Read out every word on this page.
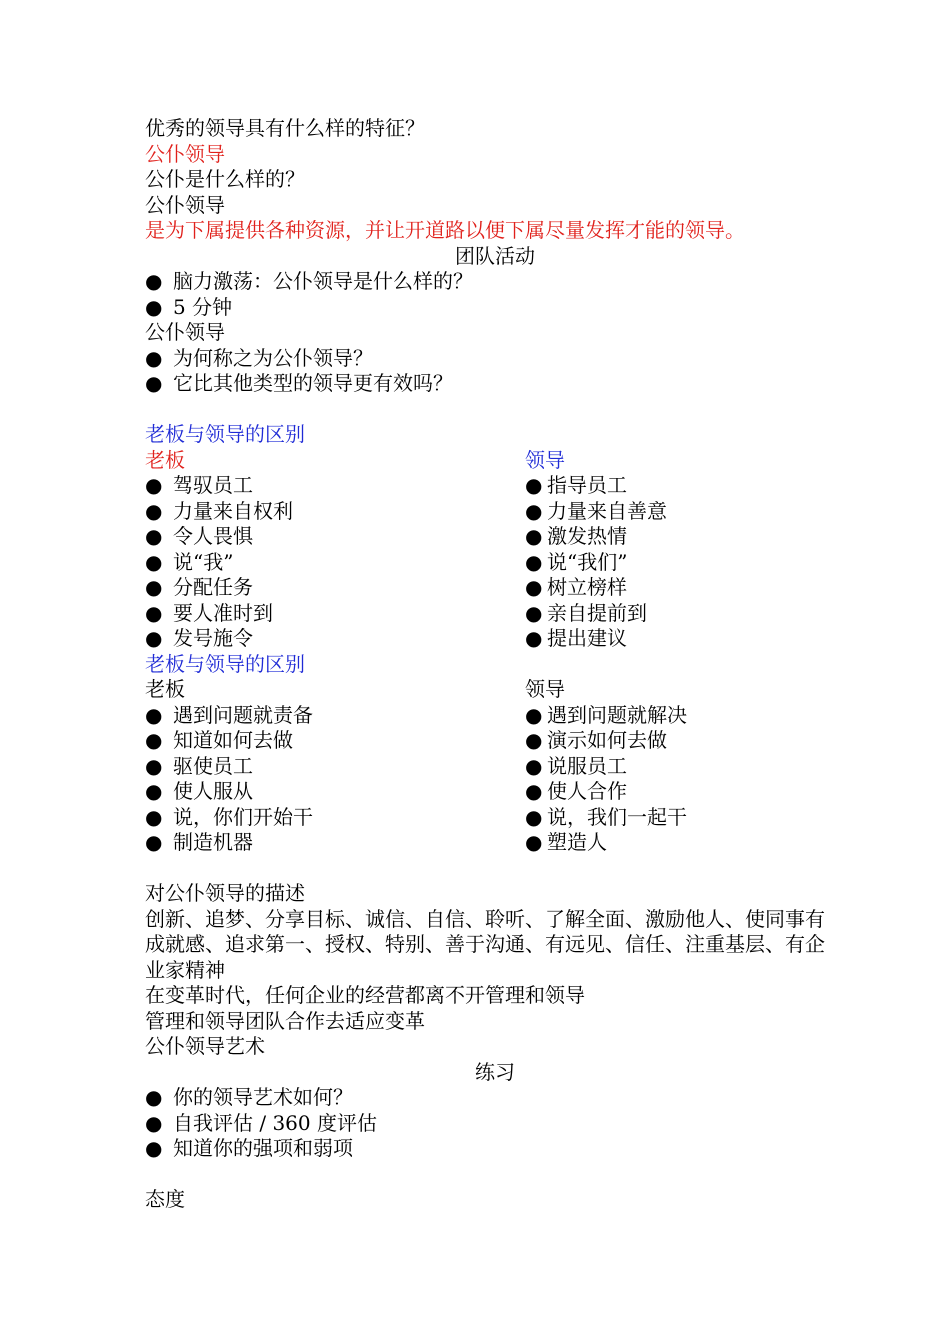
优秀的领导具有什么样的特征？
公仆领导
公仆是什么样的？
公仆领导
是为下属提供各种资源，并让开道路以便下属尽量发挥才能的领导。
团队活动
● 脑力激荡：公仆领导是什么样的？
● 5 分钟
公仆领导
● 为何称之为公仆领导？
● 它比其他类型的领导更有效吗？
老板与领导的区别
老板
● 驾驭员工
● 力量来自权利
● 令人畏惧
● 说“我”
● 分配任务
● 要人准时到
● 发号施令
领导
● 指导员工
● 力量来自善意
● 激发热情
● 说“我们”
● 树立榜样
● 亲自提前到
● 提出建议
老板与领导的区别
老板
● 遇到问题就责备
● 知道如何去做
● 驱使员工
● 使人服从
● 说，你们开始干
● 制造机器
领导
● 遇到问题就解决
● 演示如何去做
● 说服员工
● 使人合作
● 说，我们一起干
● 塑造人
对公仆领导的描述
创新、追梦、分享目标、诚信、自信、聆听、了解全面、激励他人、使同事有成就感、追求第一、授权、特别、善于沟通、有远见、信任、注重基层、有企业家精神
在变革时代，任何企业的经营都离不开管理和领导
管理和领导团队合作去适应变革
公仆领导艺术
练习
● 你的领导艺术如何？
● 自我评估 / 360 度评估
● 知道你的强项和弱项
态度
